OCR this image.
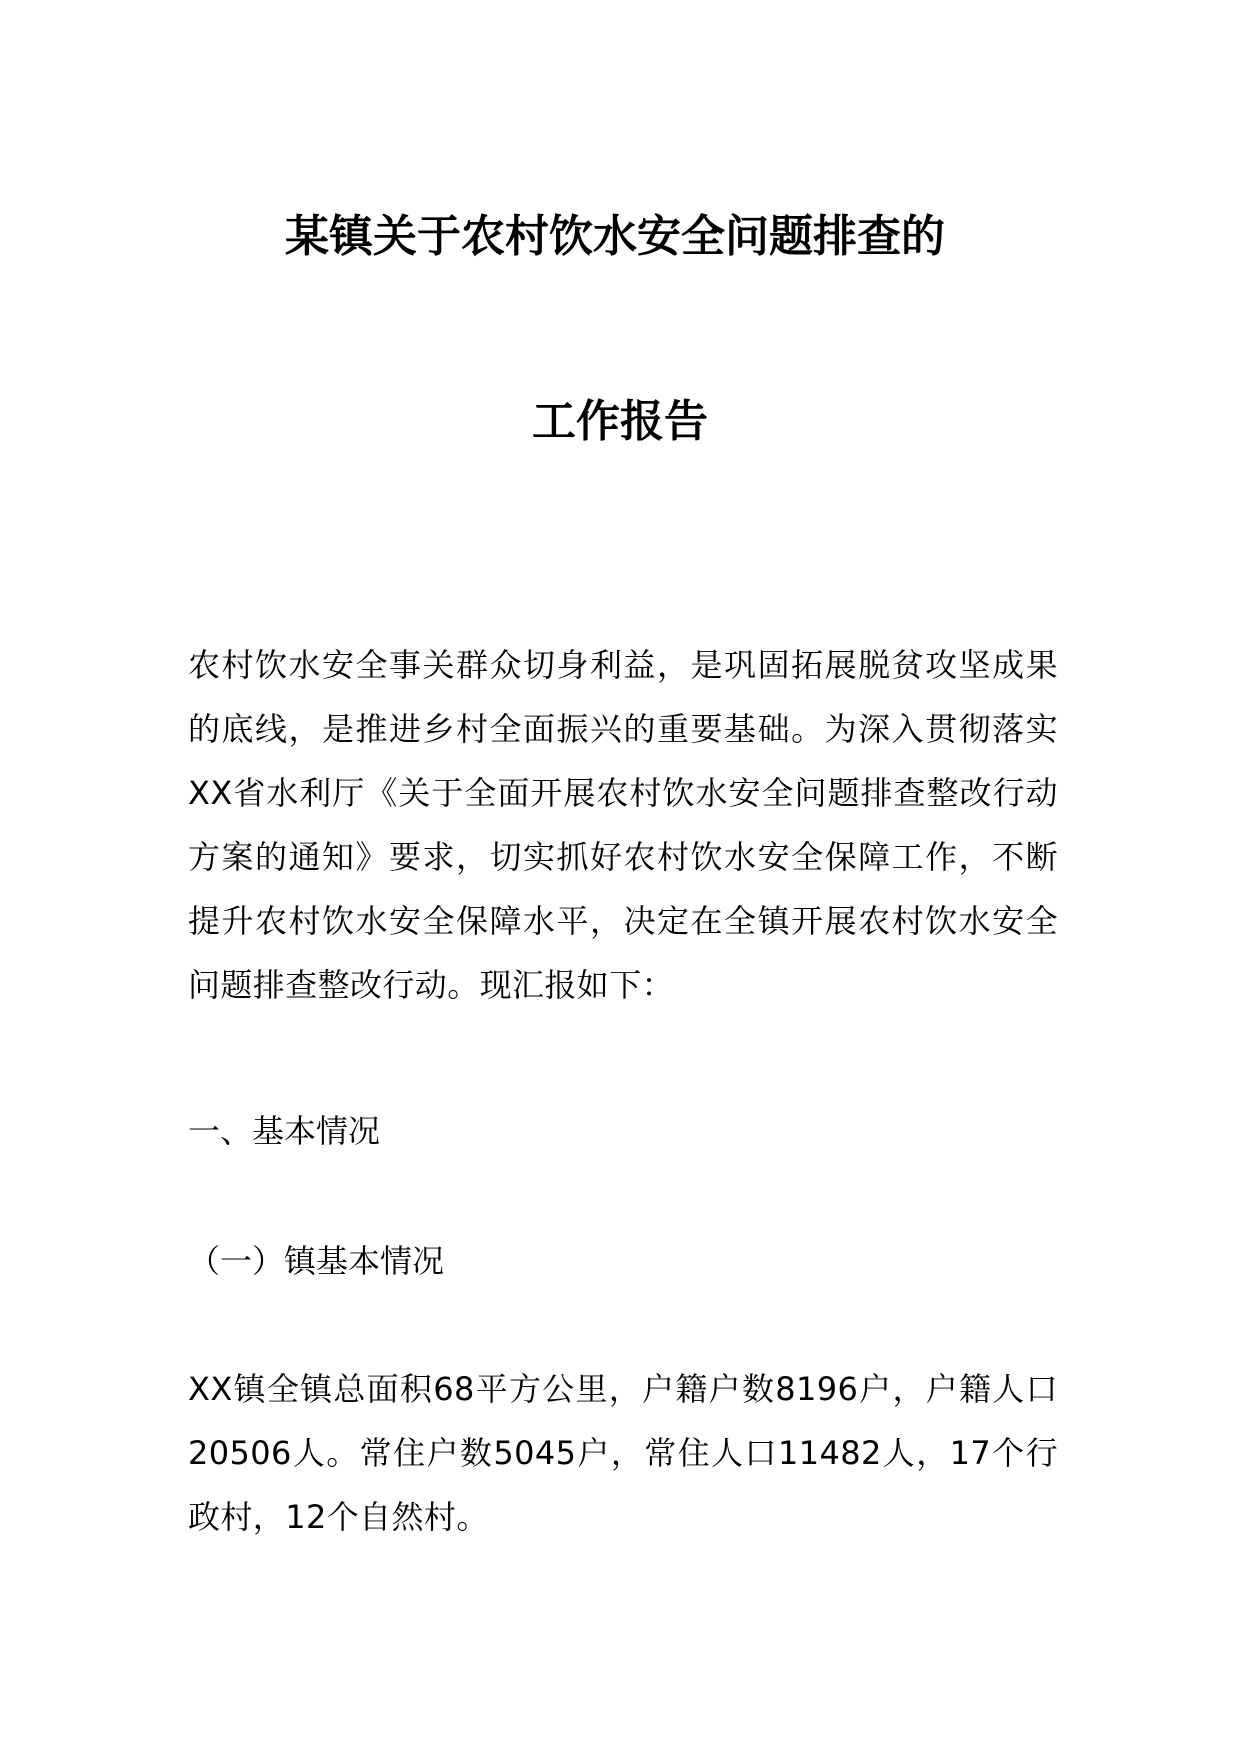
某镇关于农村饮水安全问题排查的
工作报告

农村饮水安全事关群众切身利益，是巩固拓展脱贫攻坚成果的底线，是推进乡村全面振兴的重要基础。为深入贯彻落实XX省水利厅《关于全面开展农村饮水安全问题排查整改行动方案的通知》要求，切实抓好农村饮水安全保障工作，不断提升农村饮水安全保障水平，决定在全镇开展农村饮水安全问题排查整改行动。现汇报如下：

一、基本情况

（一）镇基本情况

XX镇全镇总面积68平方公里，户籍户数8196户，户籍人口20506人。常住户数5045户，常住人口11482人，17个行政村，12个自然村。
